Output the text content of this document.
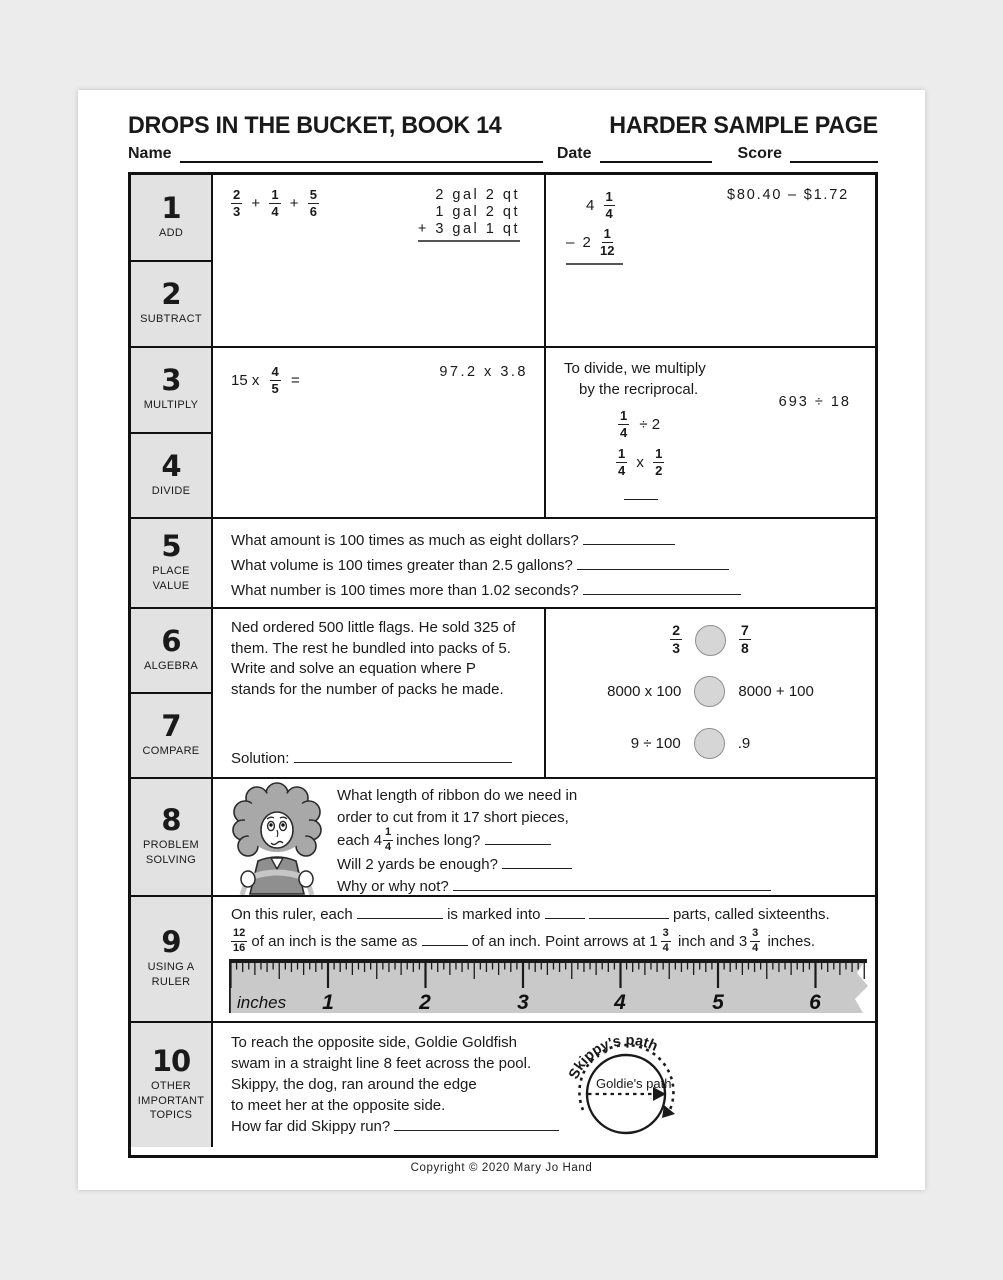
DROPS IN THE BUCKET, BOOK 14	HARDER SAMPLE PAGE
Name	Date	Score
1
ADD
2
SUBTRACT
$\frac{2}{3} + \frac{1}{4} + \frac{5}{6}$	2 gal 2 qt
1 gal 2 qt
+ 3 gal 1 qt
$4 \frac{1}{4}$
– $2 \frac{1}{12}$
$80.40 – $1.72
3
MULTIPLY
4
DIVIDE
15 x $\frac{4}{5}$ =	97.2 x 3.8 To divide, we multiply
by the recriprocal.
693 ÷ 18
$\frac{1}{4} \div 2$
$\frac{1}{4}$ x $\frac{1}{2}$
5
PLACE VALUE
What amount is 100 times as much as eight dollars?
What volume is 100 times greater than 2.5 gallons?
What number is 100 times more than 1.02 seconds?
6
ALGEBRA
7
COMPARE
Ned ordered 500 little flags. He sold 325 of
them. The rest he bundled into packs of 5.
Write and solve an equation where P
stands for the number of packs he made.
Solution:
$\frac{2}{3}$	$\frac{7}{8}$
8000 x 100	8000 + 100
9 ÷ 100	.9
8
PROBLEM SOLVING
What length of ribbon do we need in
order to cut from it 17 short pieces,
each $4 \frac{1}{4}$ inches long?
Will 2 yards be enough?
Why or why not?
9
USING A RULER
On this ruler, each	is marked into	parts, called sixteenths.
$\frac{12}{16}$ of an inch is the same as	of an inch. Point arrows at $1 \frac{3}{4}$ inch and $3 \frac{3}{4}$ inches.
inches 1	2	3	4	5	6
10
OTHER IMPORTANT TOPICS
To reach the opposite side, Goldie Goldfish
swam in a straight line 8 feet across the pool.
Skippy, the dog, ran around the edge
to meet her at the opposite side.
How far did Skippy run?
Skippy's path
Goldie's path
Copyright © 2020 Mary Jo Hand
